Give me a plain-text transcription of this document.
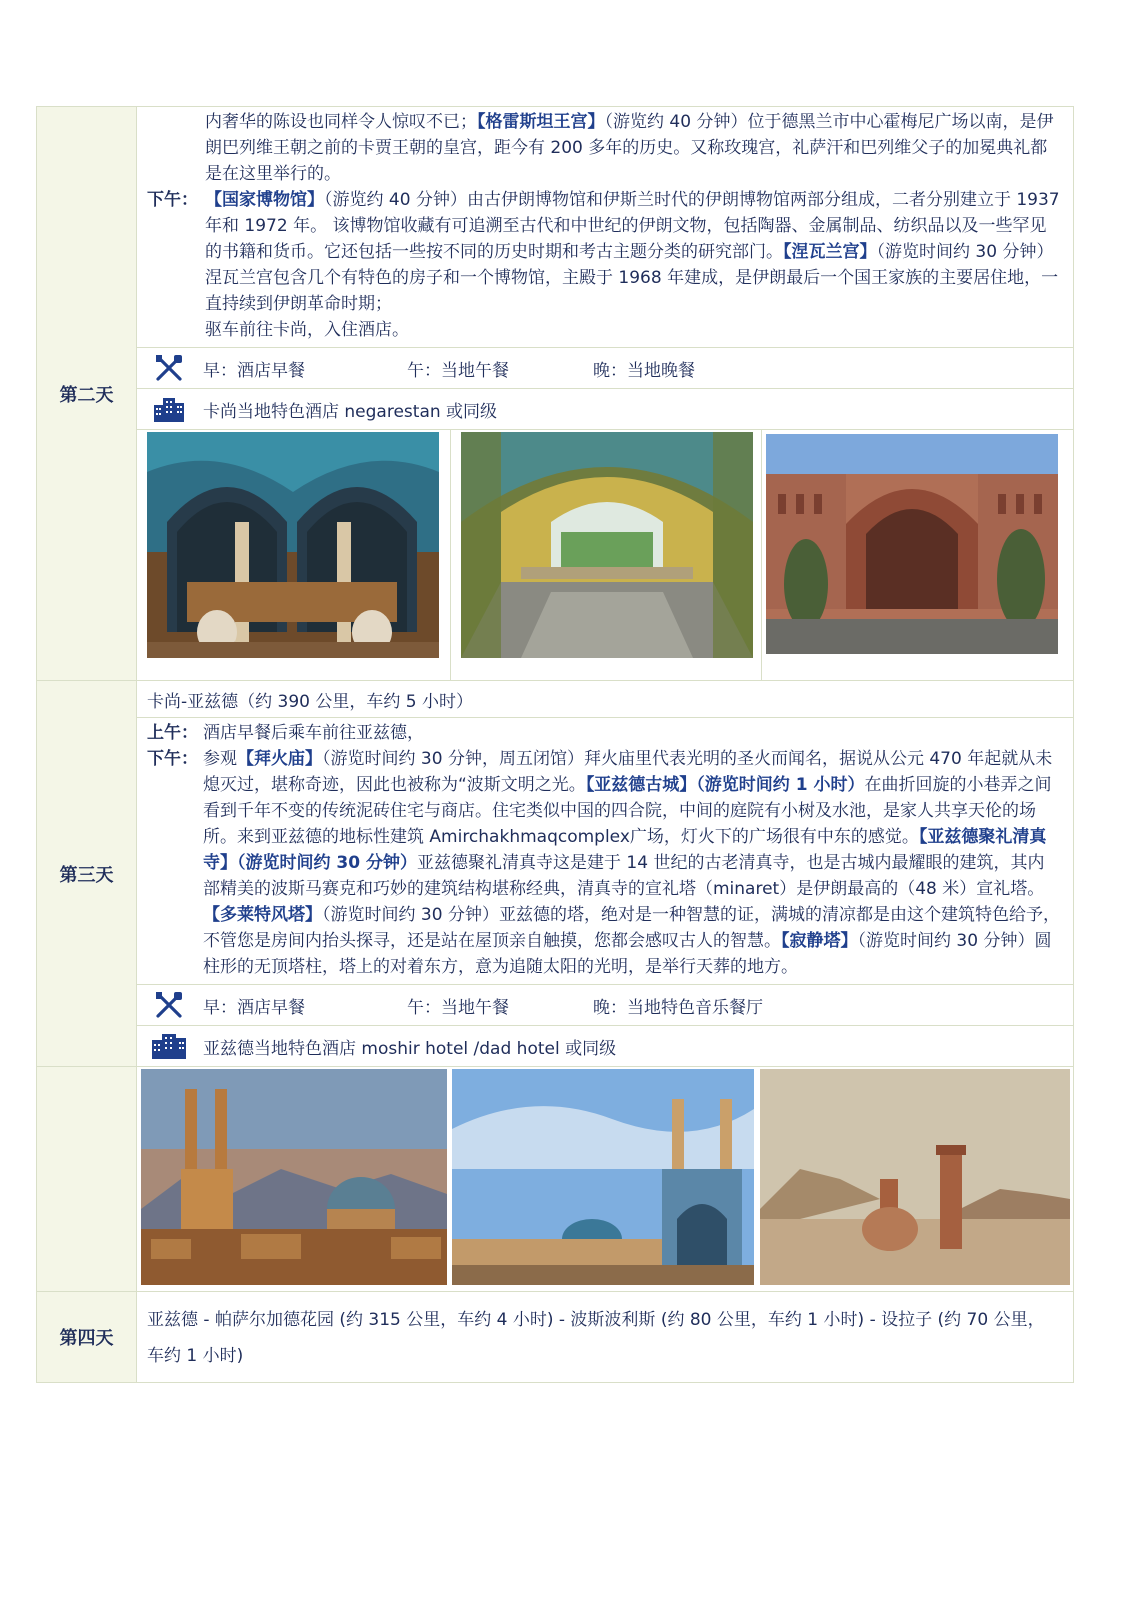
第二天	内奢华的陈设也同样令人惊叹不已；【格雷斯坦王宫】（游览约 40 分钟）位于德黑兰市中心霍梅尼广场以南，是伊朗巴列维王朝之前的卡贾王朝的皇宫，距今有 200 多年的历史。又称玫瑰宫，礼萨汗和巴列维父子的加冕典礼都是在这里举行的。
下午： 【国家博物馆】（游览约 40 分钟）由古伊朗博物馆和伊斯兰时代的伊朗博物馆两部分组成，二者分别建立于 1937 年和 1972 年。 该博物馆收藏有可追溯至古代和中世纪的伊朗文物，包括陶器、金属制品、纺织品以及一些罕见的书籍和货币。它还包括一些按不同的历史时期和考古主题分类的研究部门。【涅瓦兰宫】（游览时间约 30 分钟）涅瓦兰宫包含几个有特色的房子和一个博物馆，主殿于 1968 年建成，是伊朗最后一个国王家族的主要居住地，一直持续到伊朗革命时期；
驱车前往卡尚，入住酒店。

	早：酒店早餐 午：当地午餐 晚：当地晚餐

	卡尚当地特色酒店 negarestan 或同级

第三天	卡尚-亚兹德（约 390 公里，车约 5 小时）
上午： 酒店早餐后乘车前往亚兹德，
下午： 参观【拜火庙】（游览时间约 30 分钟，周五闭馆）拜火庙里代表光明的圣火而闻名，据说从公元 470 年起就从未熄灭过，堪称奇迹，因此也被称为“波斯文明之光。【亚兹德古城】（游览时间约 1 小时）在曲折回旋的小巷弄之间看到千年不变的传统泥砖住宅与商店。住宅类似中国的四合院，中间的庭院有小树及水池，是家人共享天伦的场所。来到亚兹德的地标性建筑 Amirchakhmaqcomplex广场，灯火下的广场很有中东的感觉。【亚兹德聚礼清真寺】（游览时间约 30 分钟）亚兹德聚礼清真寺这是建于 14 世纪的古老清真寺，也是古城内最耀眼的建筑，其内部精美的波斯马赛克和巧妙的建筑结构堪称经典，清真寺的宣礼塔（minaret）是伊朗最高的（48 米）宣礼塔。【多莱特风塔】（游览时间约 30 分钟）亚兹德的塔，绝对是一种智慧的证，满城的清凉都是由这个建筑特色给予，不管您是房间内抬头探寻，还是站在屋顶亲自触摸，您都会感叹古人的智慧。【寂静塔】（游览时间约 30 分钟）圆柱形的无顶塔柱，塔上的对着东方，意为追随太阳的光明，是举行天葬的地方。

	早：酒店早餐 午：当地午餐 晚：当地特色音乐餐厅

	亚兹德当地特色酒店 moshir hotel /dad hotel 或同级

第四天	亚兹德 - 帕萨尔加德花园 (约 315 公里，车约 4 小时) - 波斯波利斯 (约 80 公里，车约 1 小时) - 设拉子 (约 70 公里，车约 1 小时)
